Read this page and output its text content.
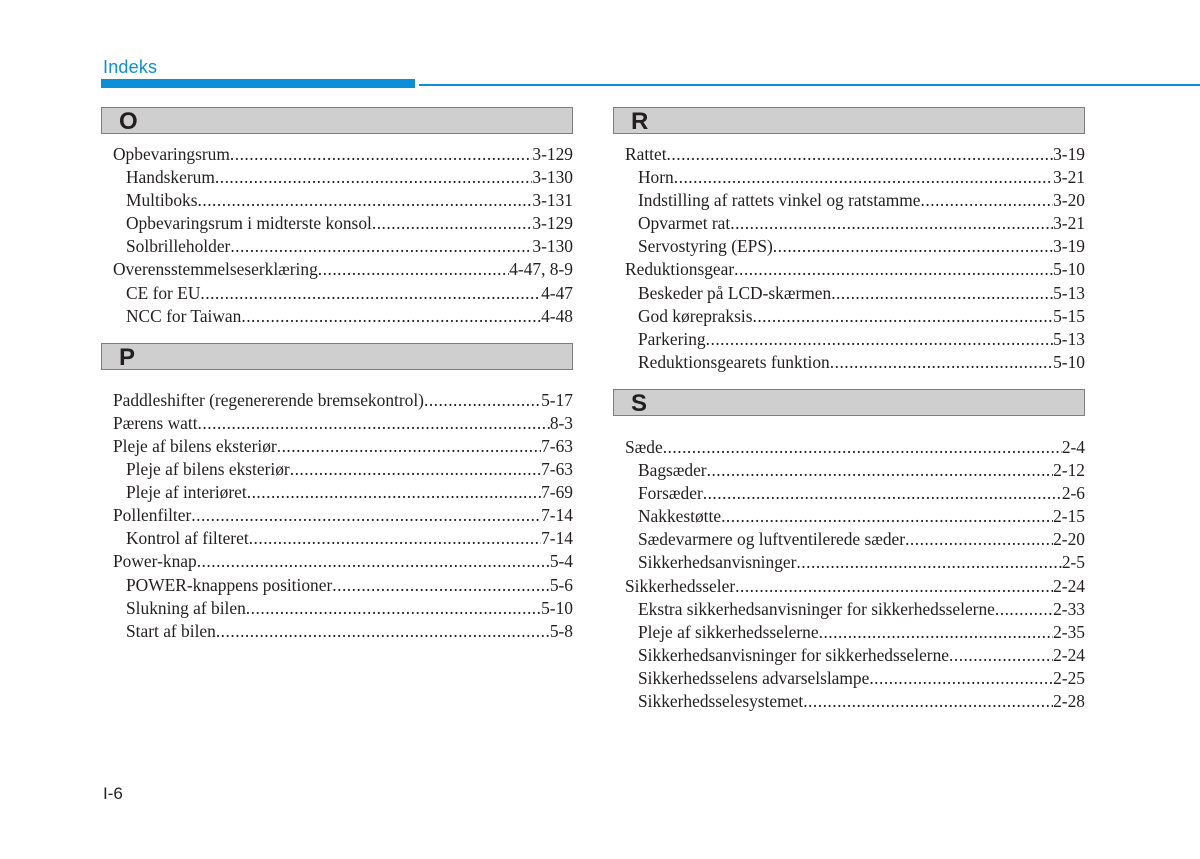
Indeks
O
Opbevaringsrum .....	3-129
Handskerum .....	3-130
Multiboks .....	3-131
Opbevaringsrum i midterste konsol .....	3-129
Solbrilleholder .....	3-130
Overensstemmelseserklæring .....	4-47, 8-9
CE for EU .....	4-47
NCC for Taiwan .....	4-48
P
Paddleshifter (regenererende bremsekontrol) .....	5-17
Pærens watt .....	8-3
Pleje af bilens eksteriør .....	7-63
Pleje af bilens eksteriør .....	7-63
Pleje af interiøret .....	7-69
Pollenfilter .....	7-14
Kontrol af filteret .....	7-14
Power-knap .....	5-4
POWER-knappens positioner .....	5-6
Slukning af bilen .....	5-10
Start af bilen .....	5-8
R
Rattet .....	3-19
Horn .....	3-21
Indstilling af rattets vinkel og ratstamme .....	3-20
Opvarmet rat .....	3-21
Servostyring (EPS) .....	3-19
Reduktionsgear .....	5-10
Beskeder på LCD-skærmen .....	5-13
God kørepraksis .....	5-15
Parkering .....	5-13
Reduktionsgearets funktion .....	5-10
S
Sæde .....	2-4
Bagsæder .....	2-12
Forsæder .....	2-6
Nakkestøtte .....	2-15
Sædevarmere og luftventilerede sæder .....	2-20
Sikkerhedsanvisninger .....	2-5
Sikkerhedsseler .....	2-24
Ekstra sikkerhedsanvisninger for sikkerhedsselerne .....	2-33
Pleje af sikkerhedsselerne .....	2-35
Sikkerhedsanvisninger for sikkerhedsselerne .....	2-24
Sikkerhedsselens advarselslampe .....	2-25
Sikkerhedsselesystemet .....	2-28
I-6
